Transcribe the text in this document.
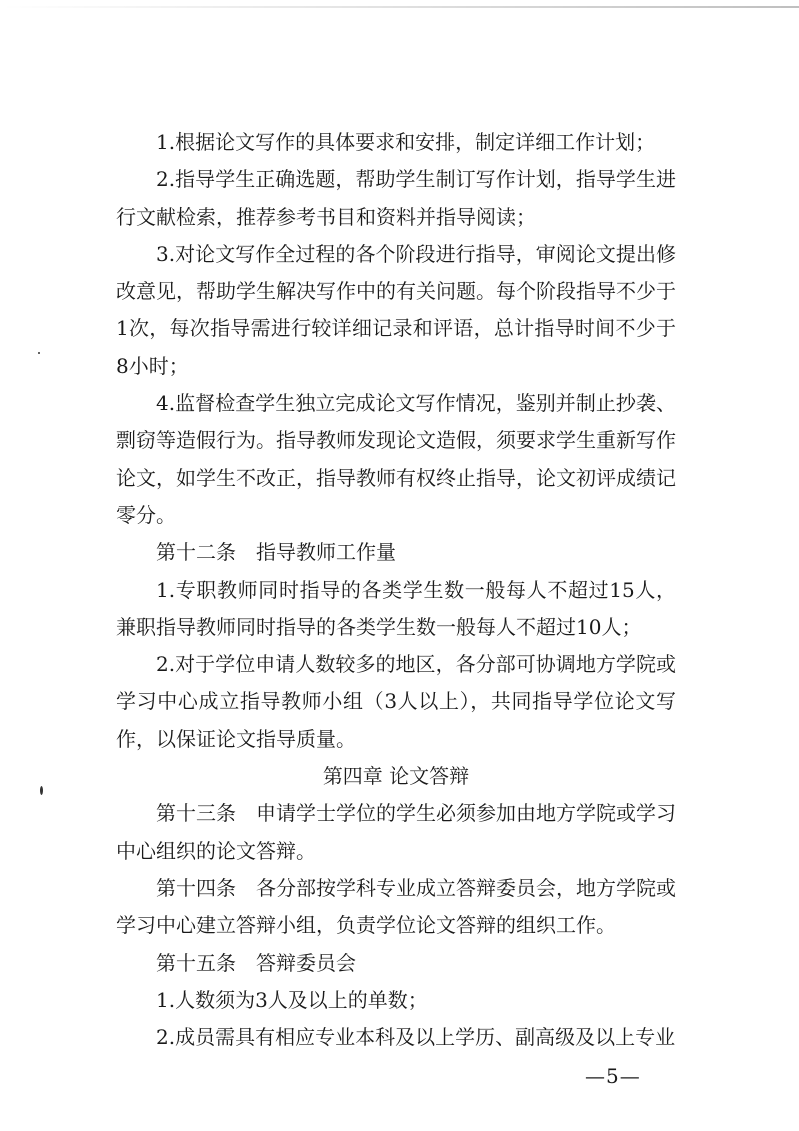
1.根据论文写作的具体要求和安排，制定详细工作计划；

2.指导学生正确选题，帮助学生制订写作计划，指导学生进行文献检索，推荐参考书目和资料并指导阅读；

3.对论文写作全过程的各个阶段进行指导，审阅论文提出修改意见，帮助学生解决写作中的有关问题。每个阶段指导不少于1次，每次指导需进行较详细记录和评语，总计指导时间不少于8小时；

4.监督检查学生独立完成论文写作情况，鉴别并制止抄袭、剽窃等造假行为。指导教师发现论文造假，须要求学生重新写作论文，如学生不改正，指导教师有权终止指导，论文初评成绩记零分。

第十二条　指导教师工作量

1.专职教师同时指导的各类学生数一般每人不超过15人，兼职指导教师同时指导的各类学生数一般每人不超过10人；

2.对于学位申请人数较多的地区，各分部可协调地方学院或学习中心成立指导教师小组（3人以上），共同指导学位论文写作，以保证论文指导质量。

第四章 论文答辩

第十三条　申请学士学位的学生必须参加由地方学院或学习中心组织的论文答辩。

第十四条　各分部按学科专业成立答辩委员会，地方学院或学习中心建立答辩小组，负责学位论文答辩的组织工作。

第十五条　答辩委员会

1.人数须为3人及以上的单数；

2.成员需具有相应专业本科及以上学历、副高级及以上专业

—5—
